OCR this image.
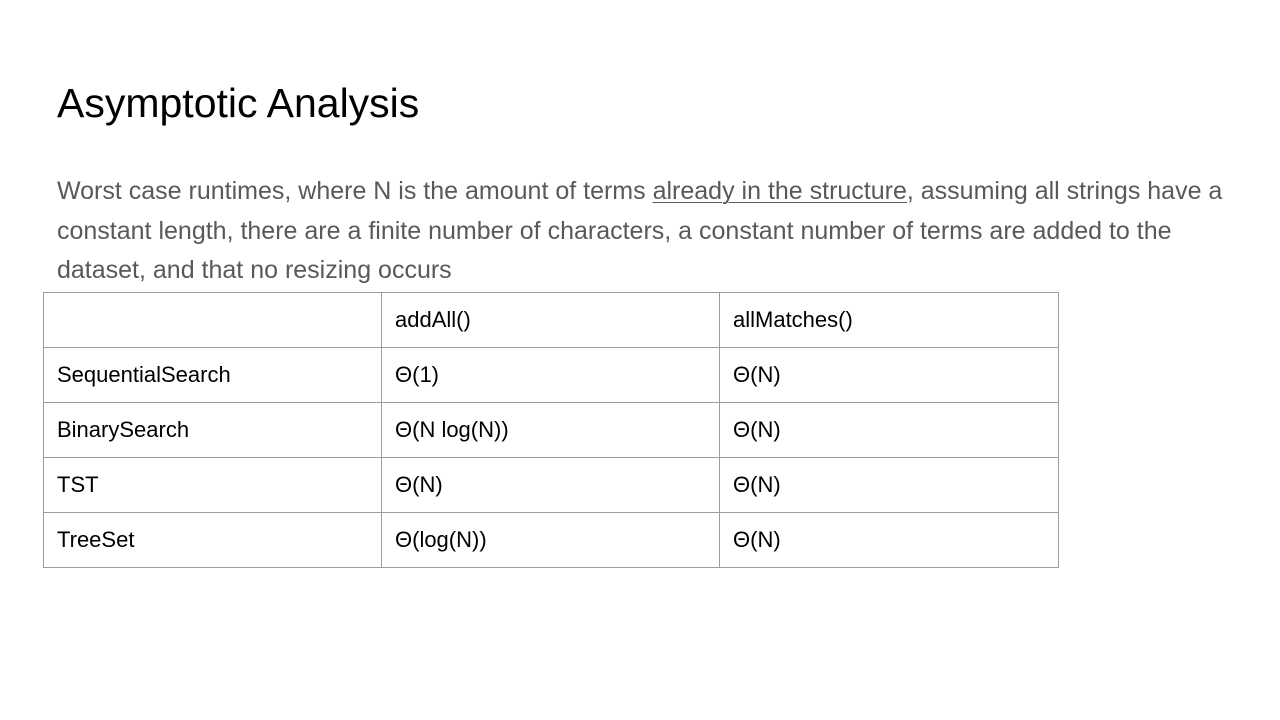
Asymptotic Analysis

Worst case runtimes, where N is the amount of terms already in the structure, assuming all strings have a constant length, there are a finite number of characters, a constant number of terms are added to the dataset, and that no resizing occurs

	addAll()	allMatches()
SequentialSearch	Θ(1)	Θ(N)
BinarySearch	Θ(N log(N))	Θ(N)
TST	Θ(N)	Θ(N)
TreeSet	Θ(log(N))	Θ(N)
